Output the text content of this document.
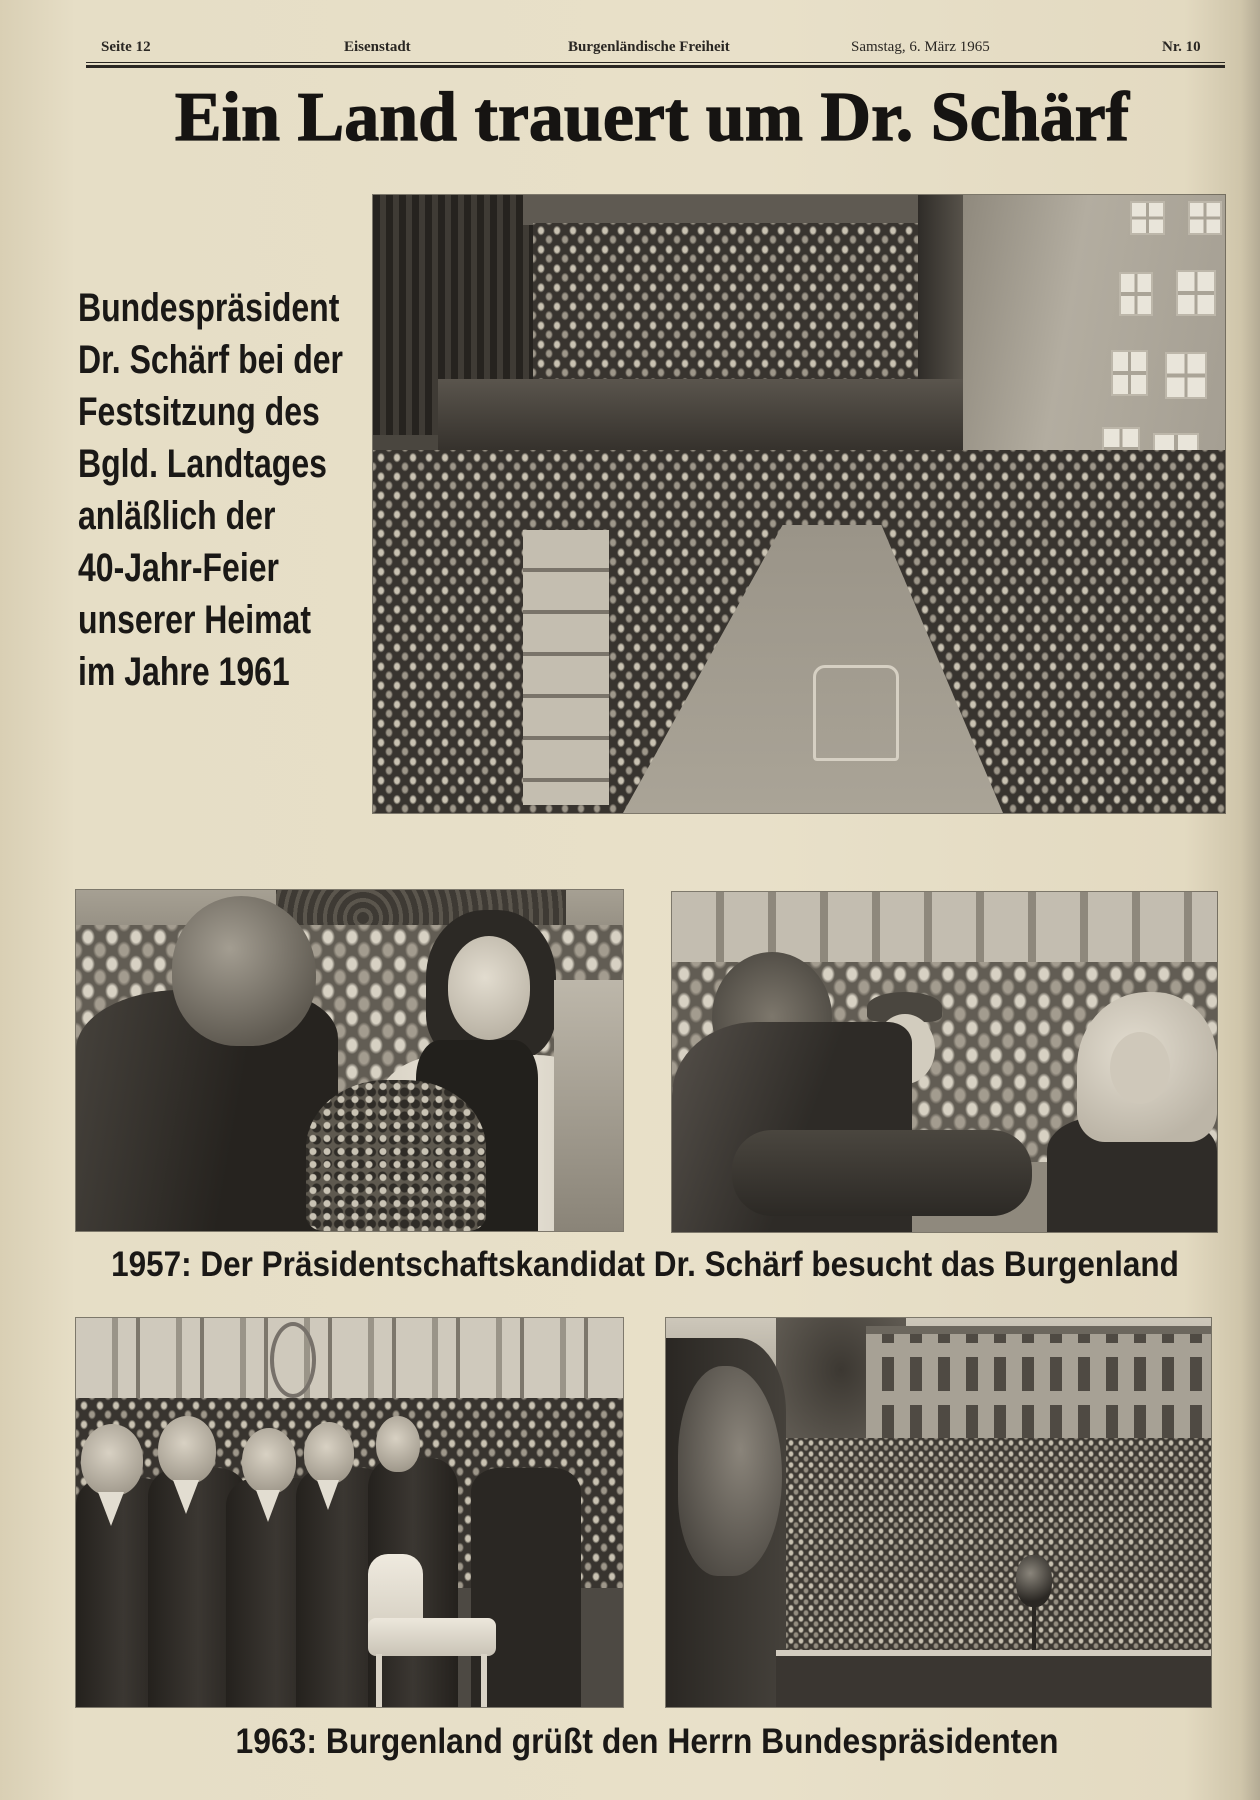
Seite 12	Eisenstadt	Burgenländische Freiheit	Samstag, 6. März 1965	Nr. 10
Ein Land trauert um Dr. Schärf
Bundespräsident
Dr. Schärf bei der
Festsitzung des
Bgld. Landtages
anläßlich der
40-Jahr-Feier
unserer Heimat
im Jahre 1961
1957: Der Präsidentschaftskandidat Dr. Schärf besucht das Burgenland
1963: Burgenland grüßt den Herrn Bundespräsidenten
